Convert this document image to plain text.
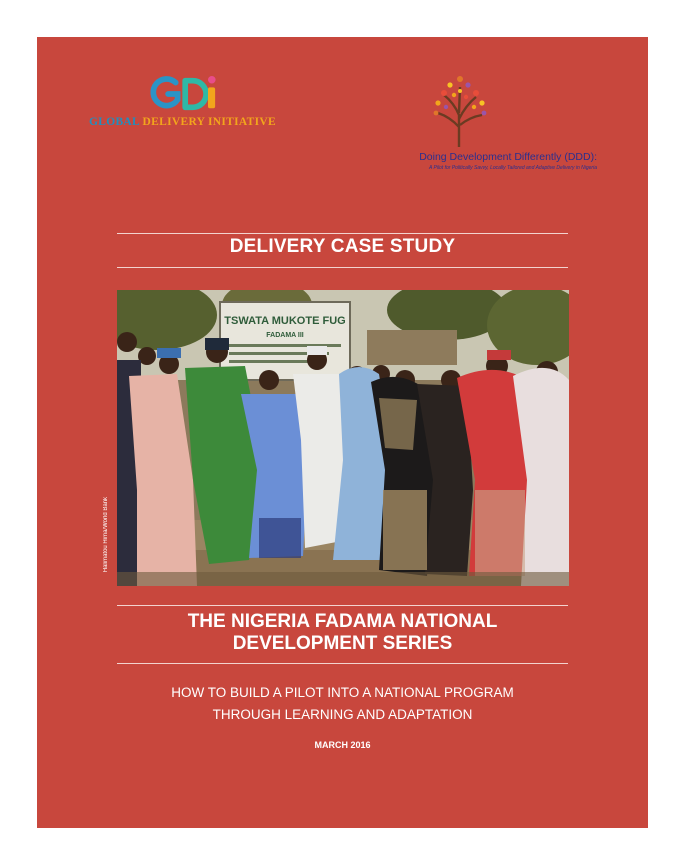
GLOBAL DELIVERY INITIATIVE
Doing Development Differently (DDD):
A Pilot for Politically Savvy, Locally Tailored and Adaptive Delivery in Nigeria
DELIVERY CASE STUDY
TSWATA MUKOTE FUG
FADAMA III
Halimatou Hima/World Bank
THE NIGERIA FADAMA NATIONAL
DEVELOPMENT SERIES
HOW TO BUILD A PILOT INTO A NATIONAL PROGRAM
THROUGH LEARNING AND ADAPTATION
MARCH 2016
